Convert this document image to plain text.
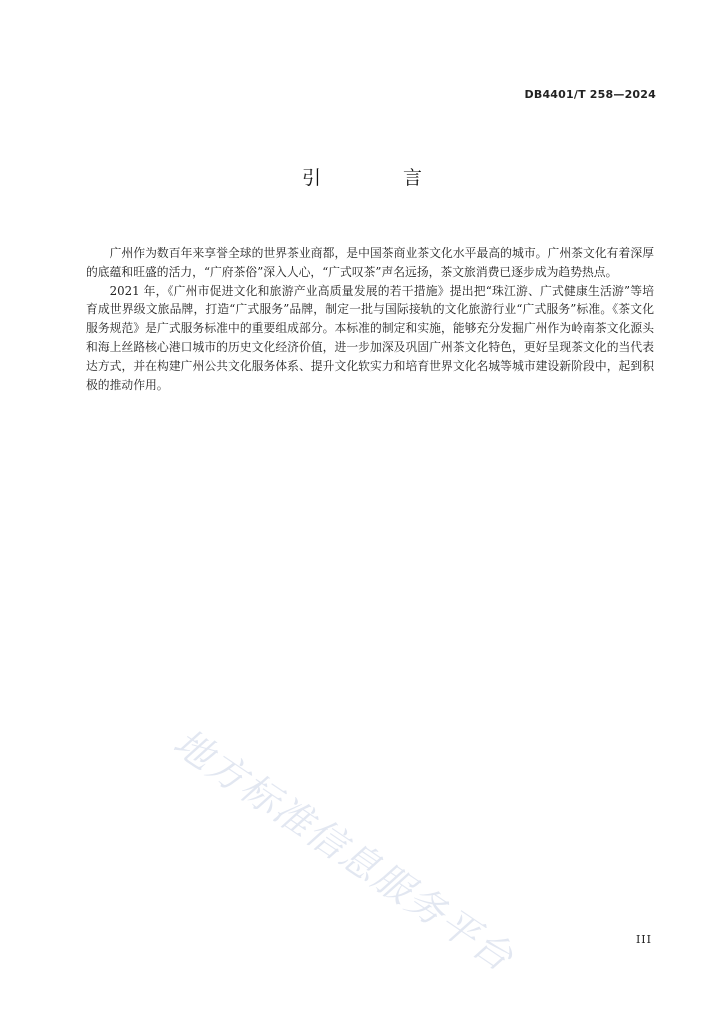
DB4401/T 258—2024
引 言

广州作为数百年来享誉全球的世界茶业商都，是中国茶商业茶文化水平最高的城市。广州茶文化有着深厚的底蕴和旺盛的活力，“广府茶俗”深入人心，“广式叹茶”声名远扬，茶文旅消费已逐步成为趋势热点。

2021 年，《广州市促进文化和旅游产业高质量发展的若干措施》提出把“珠江游、广式健康生活游”等培育成世界级文旅品牌，打造“广式服务”品牌，制定一批与国际接轨的文化旅游行业“广式服务”标准。《茶文化服务规范》是广式服务标准中的重要组成部分。本标准的制定和实施，能够充分发掘广州作为岭南茶文化源头和海上丝路核心港口城市的历史文化经济价值，进一步加深及巩固广州茶文化特色，更好呈现茶文化的当代表达方式，并在构建广州公共文化服务体系、提升文化软实力和培育世界文化名城等城市建设新阶段中，起到积极的推动作用。

地方标准信息服务平台	III
